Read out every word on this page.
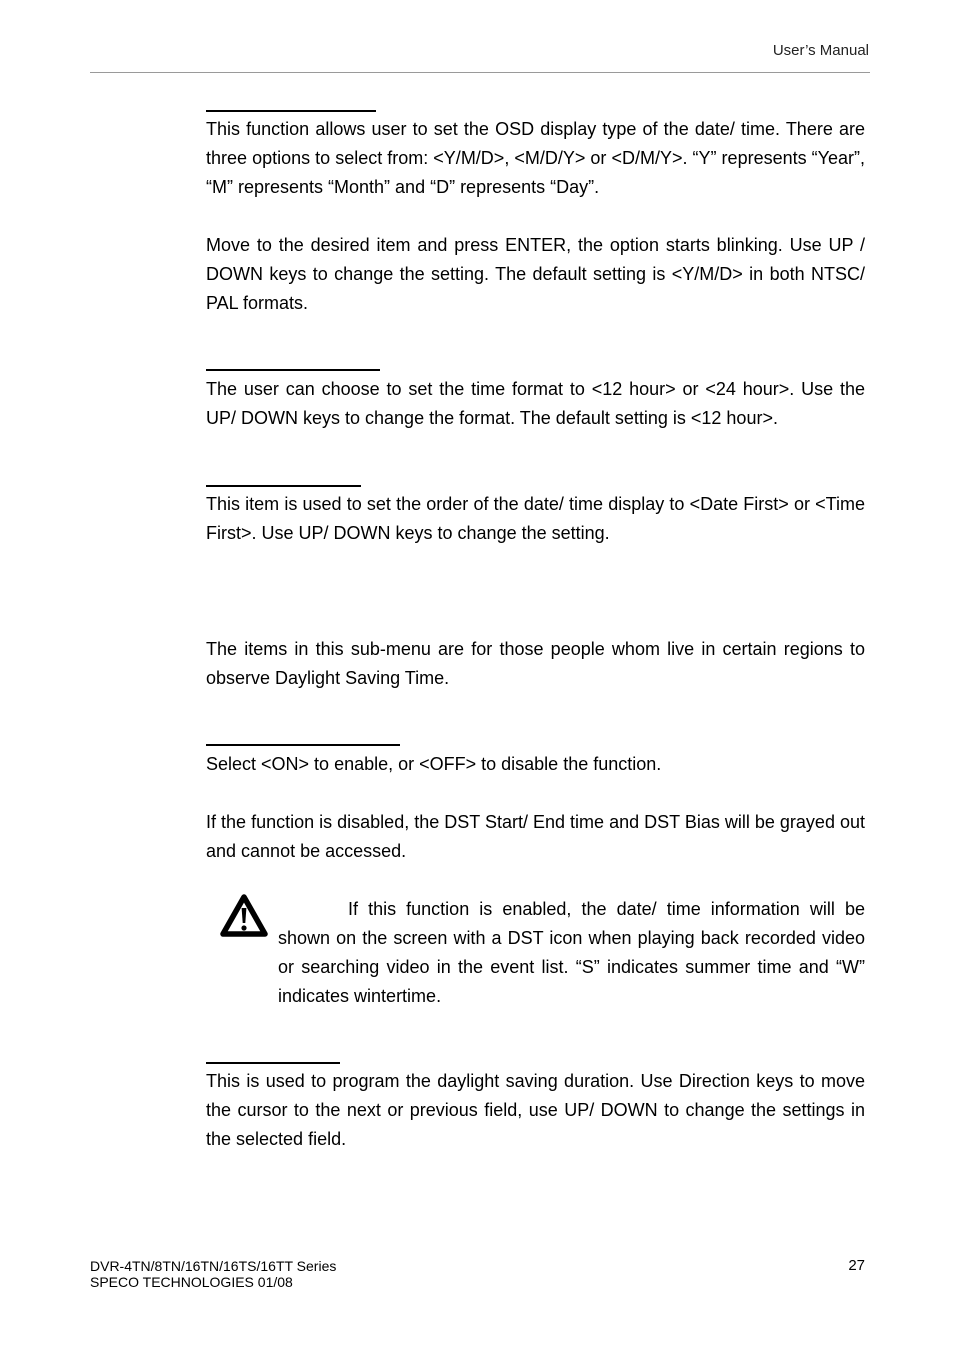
User’s Manual

This function allows user to set the OSD display type of the date/ time. There are three options to select from: <Y/M/D>, <M/D/Y> or <D/M/Y>. “Y” represents “Year”, “M” represents “Month” and “D” represents “Day”.

Move to the desired item and press ENTER, the option starts blinking. Use UP / DOWN keys to change the setting. The default setting is <Y/M/D> in both NTSC/ PAL formats.

The user can choose to set the time format to <12 hour> or <24 hour>. Use the UP/ DOWN keys to change the format. The default setting is <12 hour>.

This item is used to set the order of the date/ time display to <Date First> or <Time First>. Use UP/ DOWN keys to change the setting.

The items in this sub-menu are for those people whom live in certain regions to observe Daylight Saving Time.

Select <ON> to enable, or <OFF> to disable the function.

If the function is disabled, the DST Start/ End time and DST Bias will be grayed out and cannot be accessed.

If this function is enabled, the date/ time information will be shown on the screen with a DST icon when playing back recorded video or searching video in the event list. “S” indicates summer time and “W” indicates wintertime.

This is used to program the daylight saving duration. Use Direction keys to move the cursor to the next or previous field, use UP/ DOWN to change the settings in the selected field.

DVR-4TN/8TN/16TN/16TS/16TT Series
SPECO TECHNOLOGIES 01/08
27
